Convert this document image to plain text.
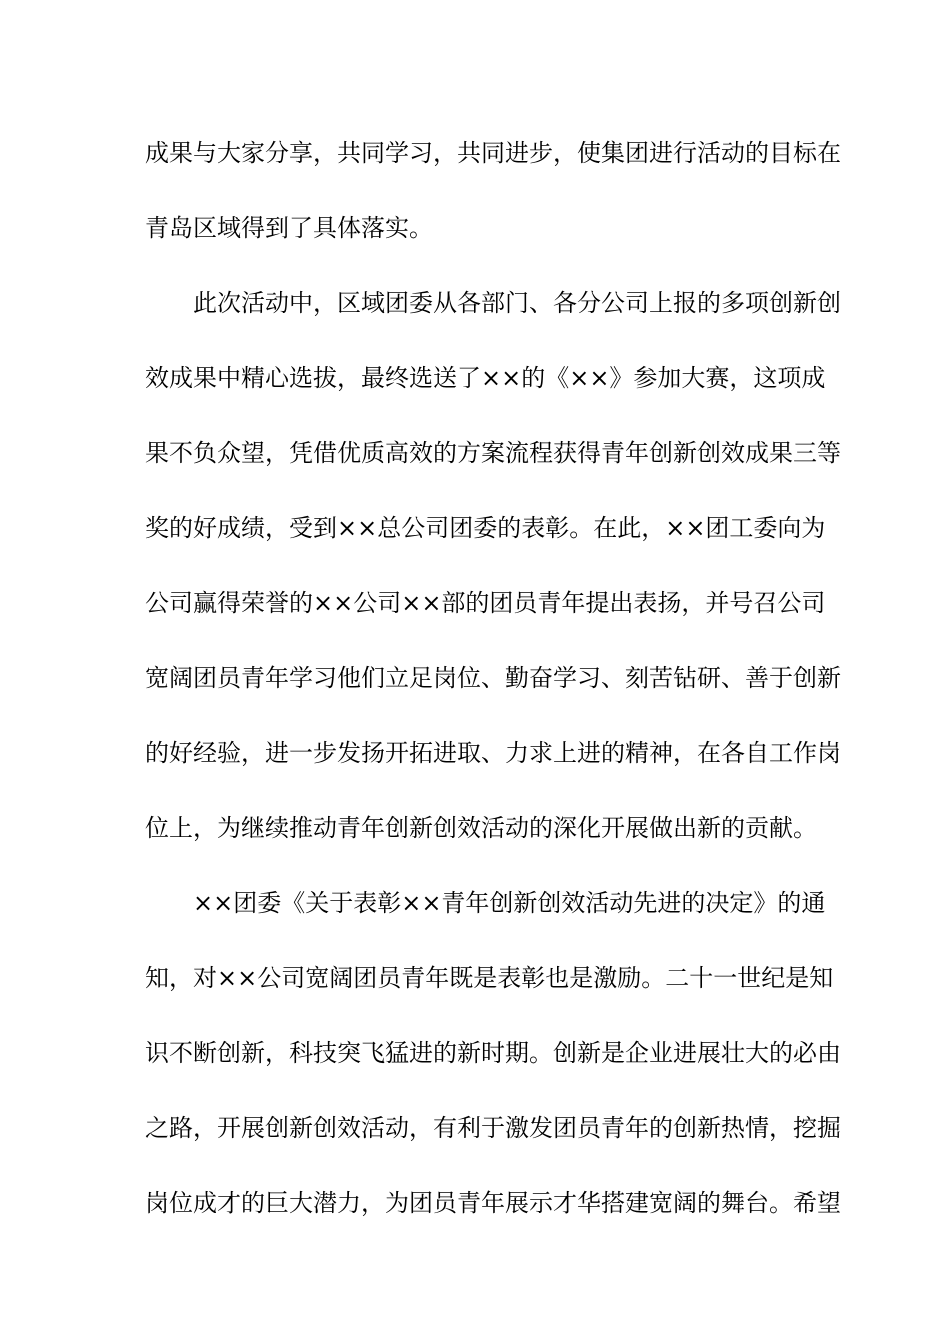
成果与大家分享，共同学习，共同进步，使集团进行活动的目标在
青岛区域得到了具体落实。
此次活动中，区域团委从各部门、各分公司上报的多项创新创
效成果中精心选拔，最终选送了××的《××》参加大赛，这项成
果不负众望，凭借优质高效的方案流程获得青年创新创效成果三等
奖的好成绩，受到××总公司团委的表彰。在此，××团工委向为
公司赢得荣誉的××公司××部的团员青年提出表扬，并号召公司
宽阔团员青年学习他们立足岗位、勤奋学习、刻苦钻研、善于创新
的好经验，进一步发扬开拓进取、力求上进的精神，在各自工作岗
位上，为继续推动青年创新创效活动的深化开展做出新的贡献。
××团委《关于表彰××青年创新创效活动先进的决定》的通
知，对××公司宽阔团员青年既是表彰也是激励。二十一世纪是知
识不断创新，科技突飞猛进的新时期。创新是企业进展壮大的必由
之路，开展创新创效活动，有利于激发团员青年的创新热情，挖掘
岗位成才的巨大潜力，为团员青年展示才华搭建宽阔的舞台。希望
